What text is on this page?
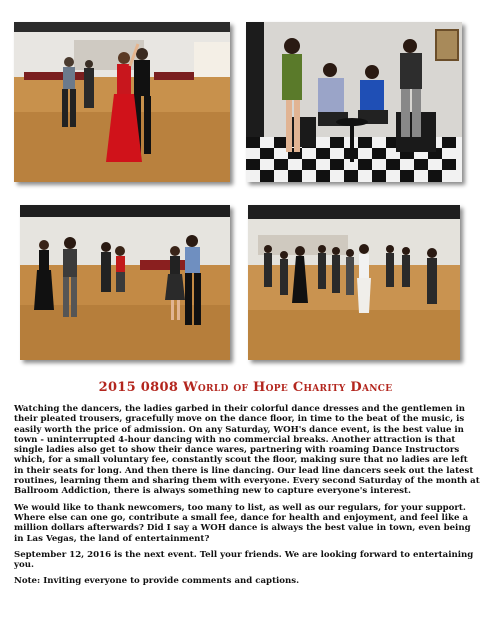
2015 0808 World of Hope Charity Dance

Watching the dancers, the ladies garbed in their colorful dance dresses and the gentlemen in their pleated trousers, gracefully move on the dance floor, in time to the beat of the music, is easily worth the price of admission. On any Saturday, WOH's dance event, is the best value in town - uninterrupted 4-hour dancing with no commercial breaks. Another attraction is that single ladies also get to show their dance wares, partnering with roaming Dance Instructors which, for a small voluntary fee, constantly scout the floor, making sure that no ladies are left in their seats for long. And then there is line dancing. Our lead line dancers seek out the latest routines, learning them and sharing them with everyone. Every second Saturday of the month at Ballroom Addiction, there is always something new to capture everyone's interest.

We would like to thank newcomers, too many to list, as well as our regulars, for your support. Where else can one go, contribute a small fee, dance for health and enjoyment, and feel like a million dollars afterwards? Did I say a WOH dance is always the best value in town, even being in Las Vegas, the land of entertainment?

September 12, 2016 is the next event. Tell your friends. We are looking forward to entertaining you.

Note: Inviting everyone to provide comments and captions.
